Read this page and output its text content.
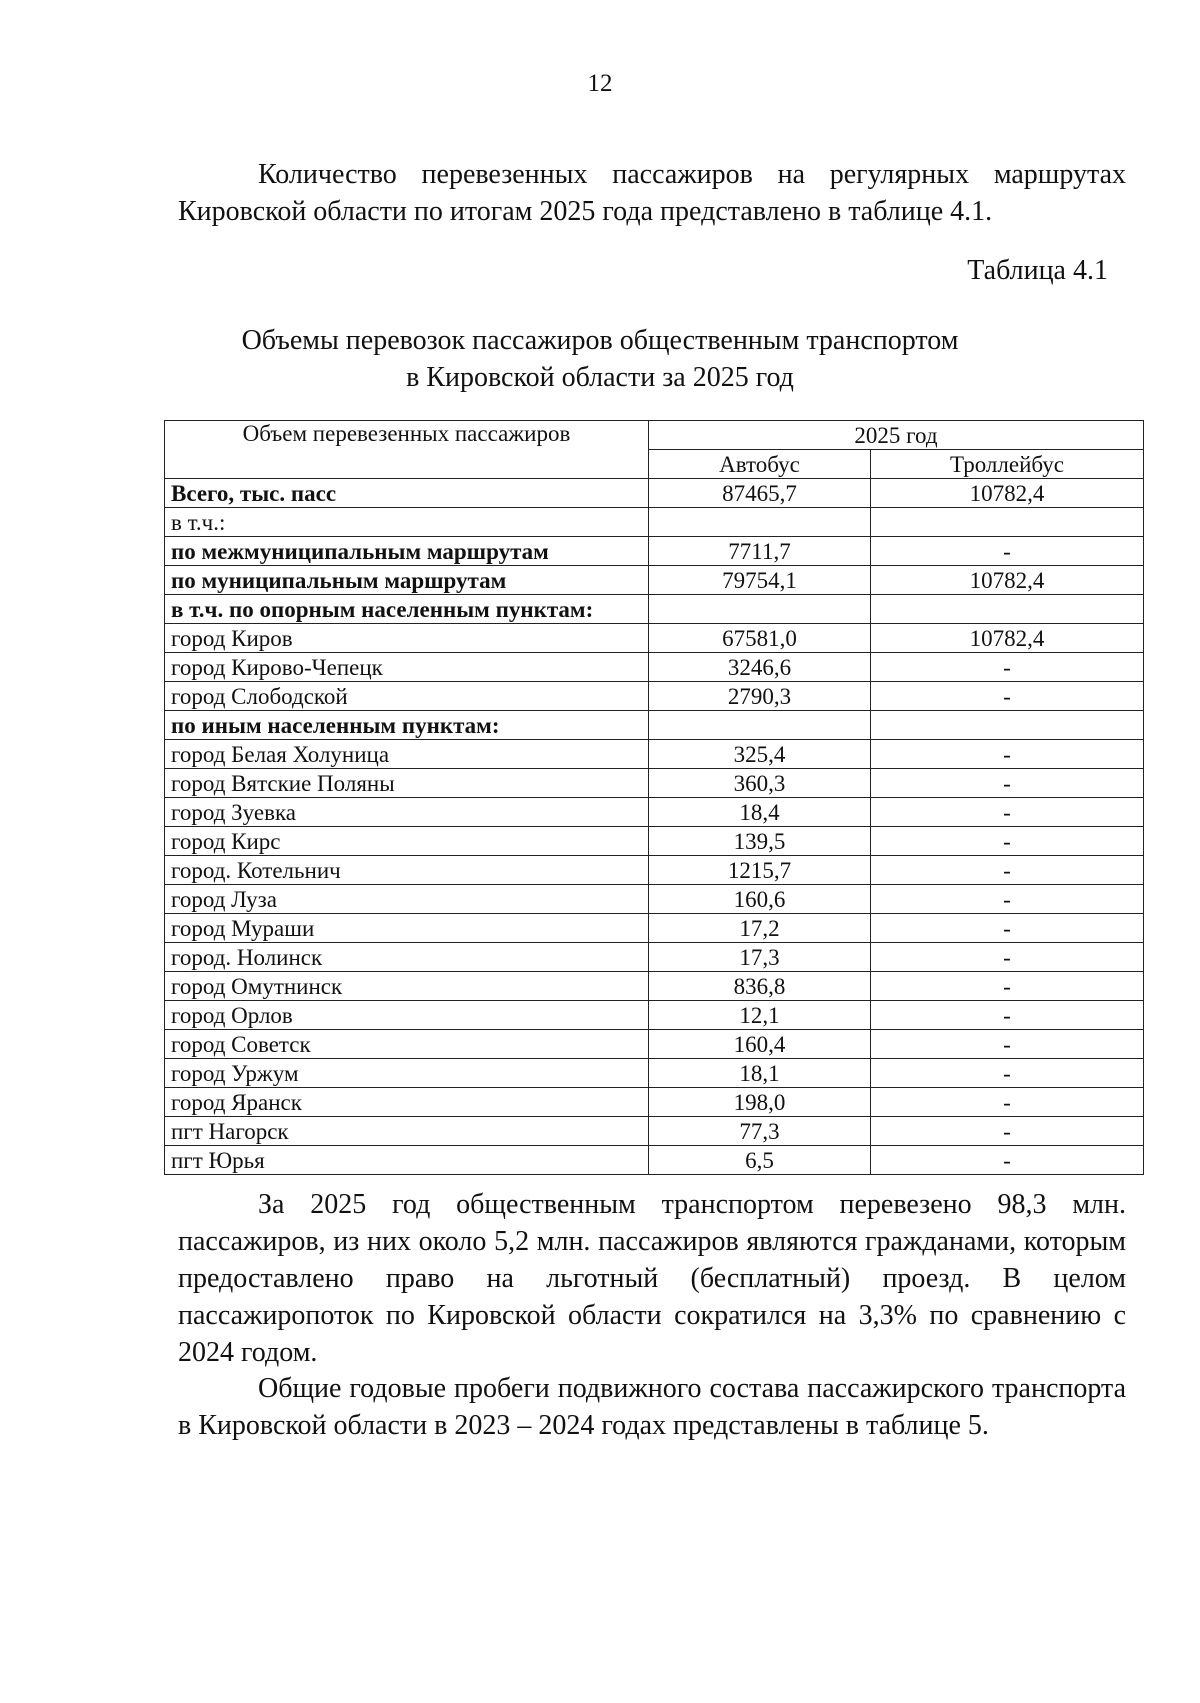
12

Количество перевезенных пассажиров на регулярных маршрутах Кировской области по итогам 2025 года представлено в таблице 4.1.

Таблица 4.1
Объемы перевозок пассажиров общественным транспортом
в Кировской области за 2025 год
Объем перевезенных пассажиров	2025 год	
	Автобус	Троллейбус
Всего, тыс. пасс	87465,7	10782,4
в т.ч.:		
по межмуниципальным маршрутам	7711,7	-
по муниципальным маршрутам	79754,1	10782,4
в т.ч. по опорным населенным пунктам:		
город Киров	67581,0	10782,4
город Кирово-Чепецк	3246,6	-
город Слободской	2790,3	-
по иным населенным пунктам:		
город Белая Холуница	325,4	-
город Вятские Поляны	360,3	-
город Зуевка	18,4	-
город Кирс	139,5	-
город. Котельнич	1215,7	-
город Луза	160,6	-
город Мураши	17,2	-
город. Нолинск	17,3	-
город Омутнинск	836,8	-
город Орлов	12,1	-
город Советск	160,4	-
город Уржум	18,1	-
город Яранск	198,0	-
пгт Нагорск	77,3	-
пгт Юрья	6,5	-

За 2025 год общественным транспортом перевезено 98,3 млн. пассажиров, из них около 5,2 млн. пассажиров являются гражданами, которым предоставлено право на льготный (бесплатный) проезд. В целом пассажиропоток по Кировской области сократился на 3,3% по сравнению с 2024 годом.

Общие годовые пробеги подвижного состава пассажирского транспорта в Кировской области в 2023 – 2024 годах представлены в таблице 5.
